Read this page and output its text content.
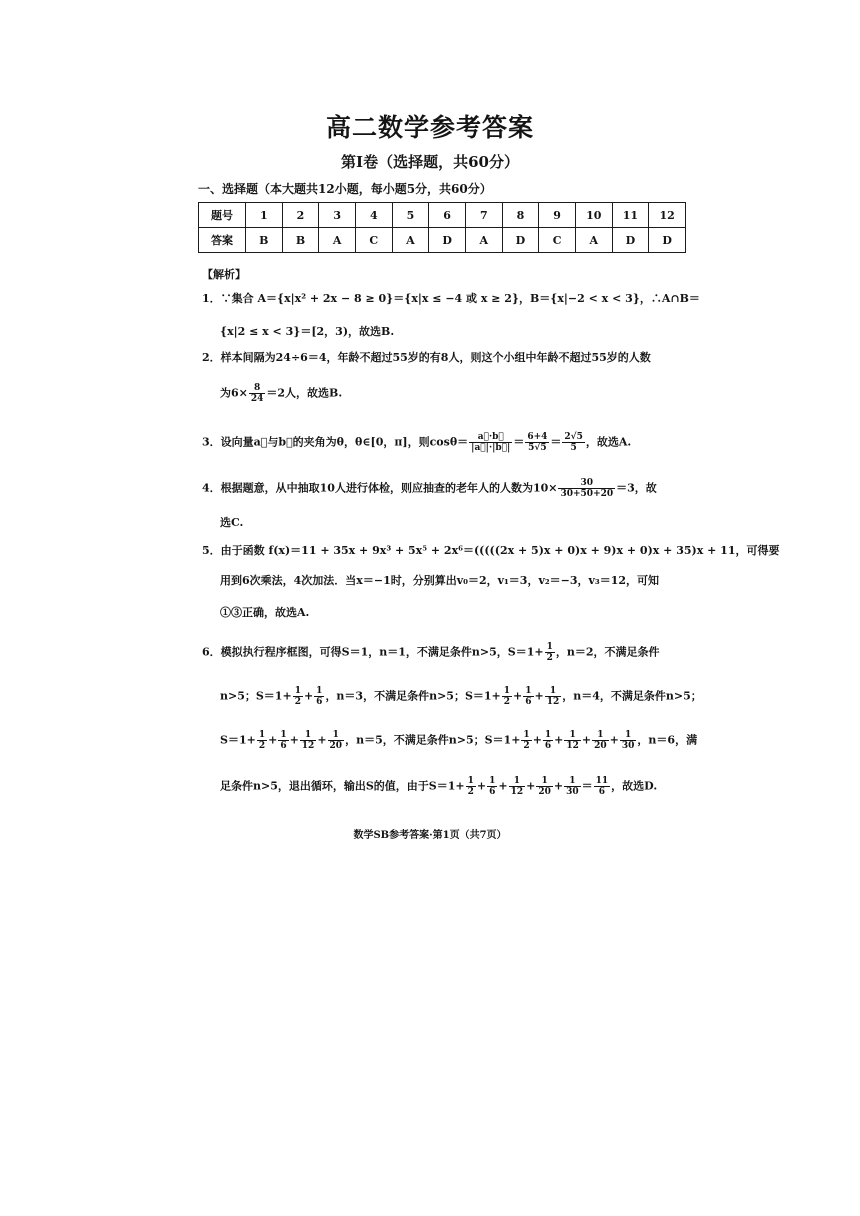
高二数学参考答案
第Ⅰ卷（选择题，共60分）
一、选择题（本大题共12小题，每小题5分，共60分）
题号	1	2	3	4	5	6	7	8	9	10	11	12
答案	B	B	A	C	A	D	A	D	C	A	D	D
【解析】
1．∵集合 A＝{x|x² + 2x − 8 ≥ 0}＝{x|x ≤ −4 或 x ≥ 2}，B＝{x|−2 < x < 3}，∴A∩B＝
{x|2 ≤ x < 3}＝[2，3)，故选B.
2．样本间隔为24÷6＝4，年龄不超过55岁的有8人，则这个小组中年龄不超过55岁的人数
为$6\times \frac{8}{24} =2$人，故选B.
3．设向量a⃗与b⃗的夹角为θ，θ∈[0，π]，则$\cos\theta= \frac{a⃗\cdot b⃗}{|a⃗|\cdot|b⃗|} = \frac{6+4}{5√5} = \frac{2√5}{5}$ ，故选A.
4．根据题意，从中抽取10人进行体检，则应抽查的老年人的人数为$10\times \frac{30}{30+50+20} =3$，故
选C.
5．由于函数 f(x)＝11 + 35x + 9x³ + 5x⁵ + 2x⁶＝(((((2x + 5)x + 0)x + 9)x + 0)x + 35)x + 11，可得要
用到6次乘法，4次加法．当x＝−1时，分别算出v₀＝2，v₁＝3，v₂＝−3，v₃＝12，可知
①③正确，故选A.
6．模拟执行程序框图，可得S＝1，n＝1，不满足条件n>5，$S=1+ \frac{1}{2}$ ，n＝2，不满足条件
n>5；$S=1+ \frac{1}{2} + \frac{1}{6}$ ，n＝3，不满足条件n>5；$S=1+ \frac{1}{2} + \frac{1}{6} + \frac{1}{12}$ ，n＝4，不满足条件n>5；
$S=1+ \frac{1}{2} + \frac{1}{6} + \frac{1}{12} + \frac{1}{20}$ ，n＝5，不满足条件n>5；$S=1+ \frac{1}{2} + \frac{1}{6} + \frac{1}{12} + \frac{1}{20} + \frac{1}{30}$ ，n＝6，满
足条件n>5，退出循环，输出S的值，由于$S=1+ \frac{1}{2} + \frac{1}{6} + \frac{1}{12} + \frac{1}{20} + \frac{1}{30} = \frac{11}{6}$ ，故选D.
数学SB参考答案·第1页（共7页）
